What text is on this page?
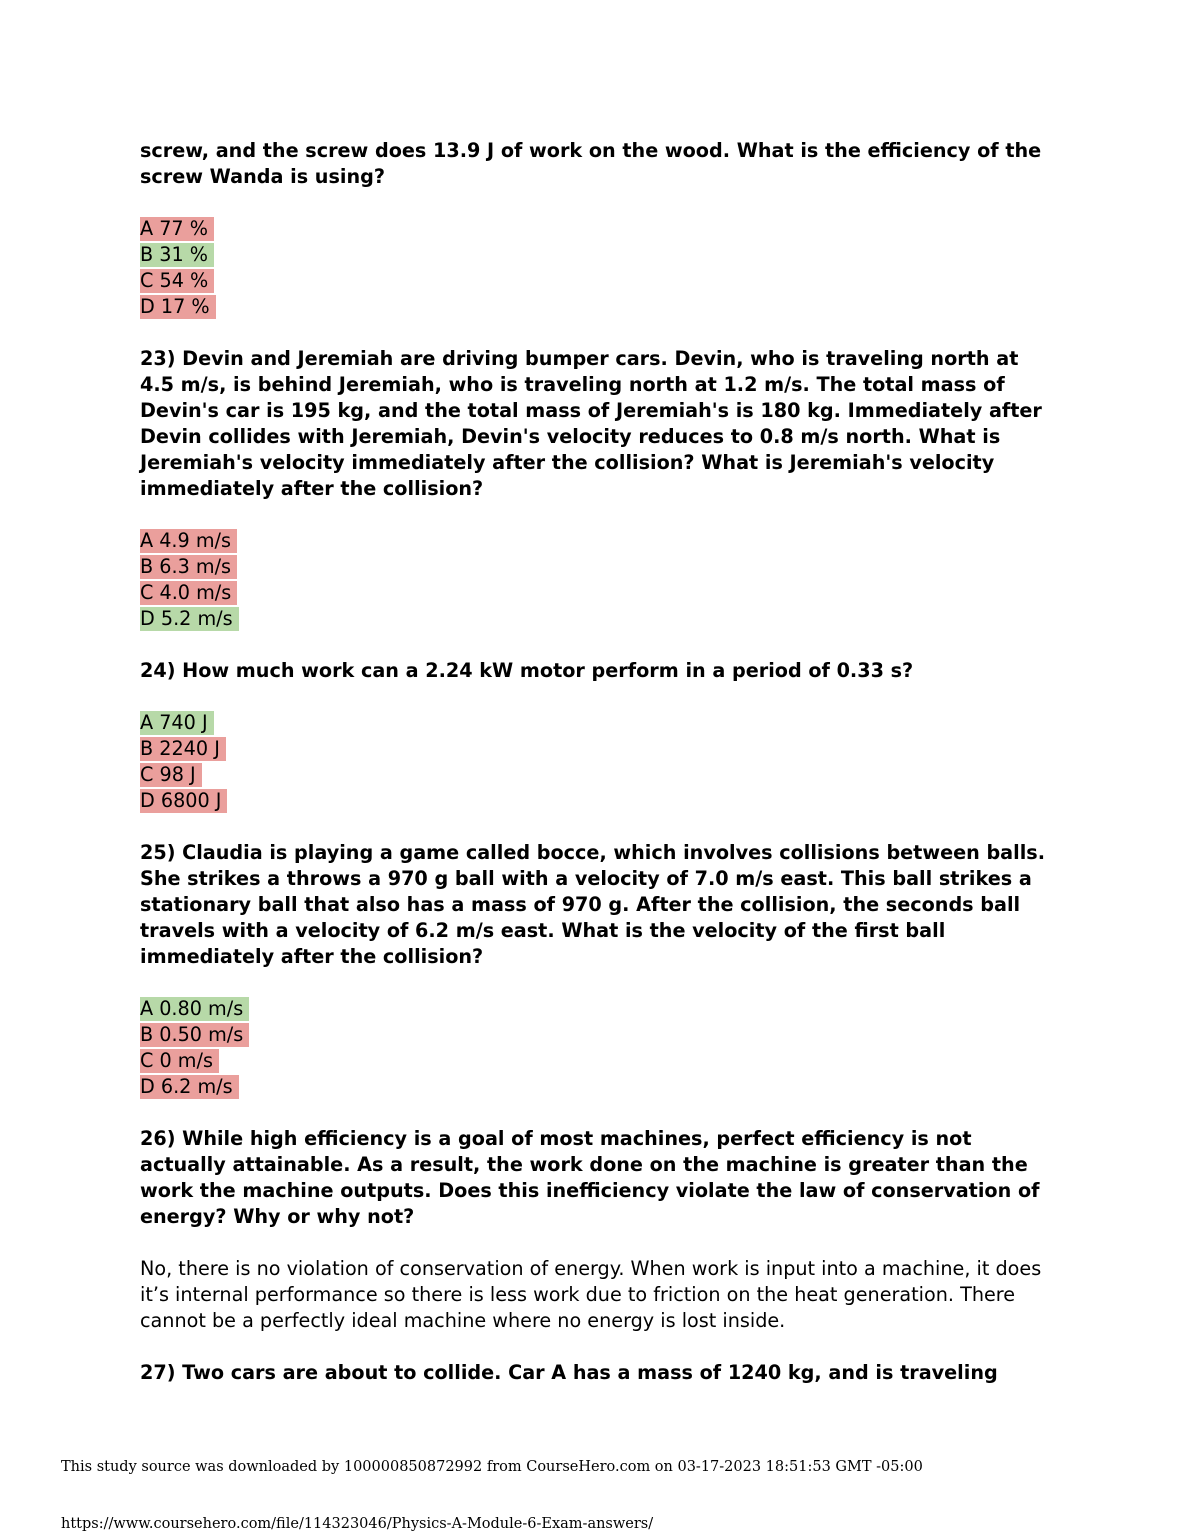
screw, and the screw does 13.9 J of work on the wood. What is the efficiency of the screw Wanda is using?

A 77 %
B 31 %
C 54 %
D 17 %

23) Devin and Jeremiah are driving bumper cars. Devin, who is traveling north at 4.5 m/s, is behind Jeremiah, who is traveling north at 1.2 m/s. The total mass of Devin's car is 195 kg, and the total mass of Jeremiah's is 180 kg. Immediately after Devin collides with Jeremiah, Devin's velocity reduces to 0.8 m/s north. What is Jeremiah's velocity immediately after the collision? What is Jeremiah's velocity immediately after the collision?

A 4.9 m/s
B 6.3 m/s
C 4.0 m/s
D 5.2 m/s

24) How much work can a 2.24 kW motor perform in a period of 0.33 s?

A 740 J
B 2240 J
C 98 J
D 6800 J

25) Claudia is playing a game called bocce, which involves collisions between balls. She strikes a throws a 970 g ball with a velocity of 7.0 m/s east. This ball strikes a stationary ball that also has a mass of 970 g. After the collision, the seconds ball travels with a velocity of 6.2 m/s east. What is the velocity of the first ball immediately after the collision?

A 0.80 m/s
B 0.50 m/s
C 0 m/s
D 6.2 m/s

26) While high efficiency is a goal of most machines, perfect efficiency is not actually attainable. As a result, the work done on the machine is greater than the work the machine outputs. Does this inefficiency violate the law of conservation of energy? Why or why not?

No, there is no violation of conservation of energy. When work is input into a machine, it does it’s internal performance so there is less work due to friction on the heat generation. There cannot be a perfectly ideal machine where no energy is lost inside.

27) Two cars are about to collide. Car A has a mass of 1240 kg, and is traveling

This study source was downloaded by 100000850872992 from CourseHero.com on 03-17-2023 18:51:53 GMT -05:00
https://www.coursehero.com/file/114323046/Physics-A-Module-6-Exam-answers/
